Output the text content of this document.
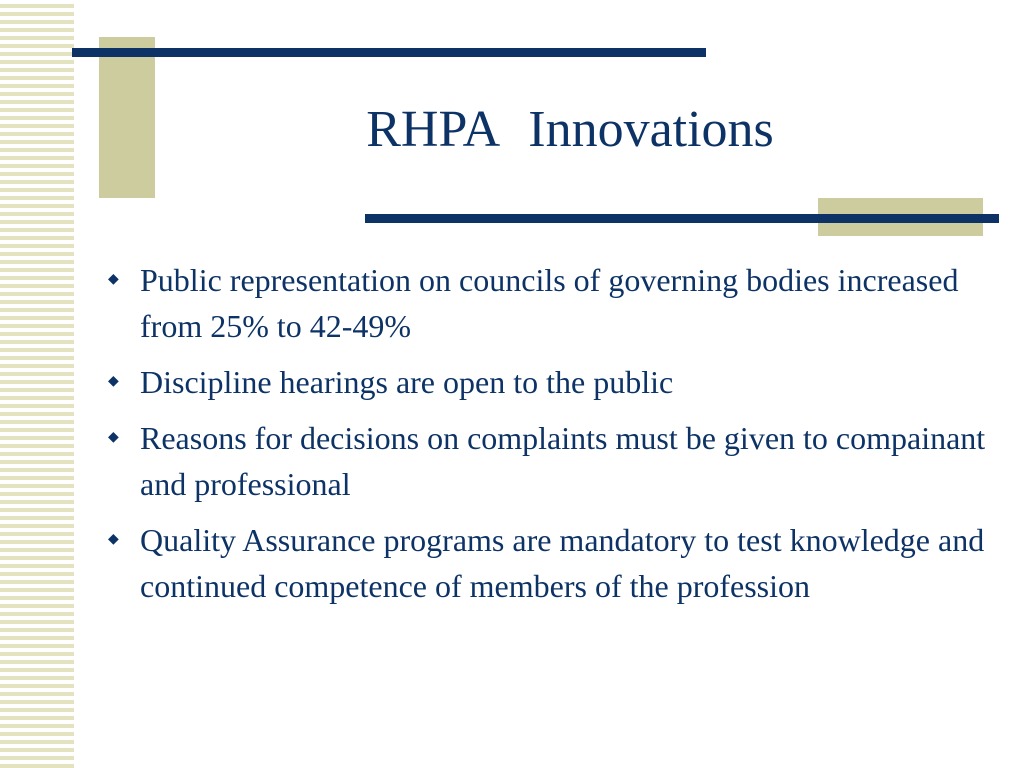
RHPA Innovations
◆ Public representation on councils of governing bodies increased from 25% to 42-49%
◆ Discipline hearings are open to the public
◆ Reasons for decisions on complaints must be given to compainant and professional
◆ Quality Assurance programs are mandatory to test knowledge and continued competence of members of the profession
